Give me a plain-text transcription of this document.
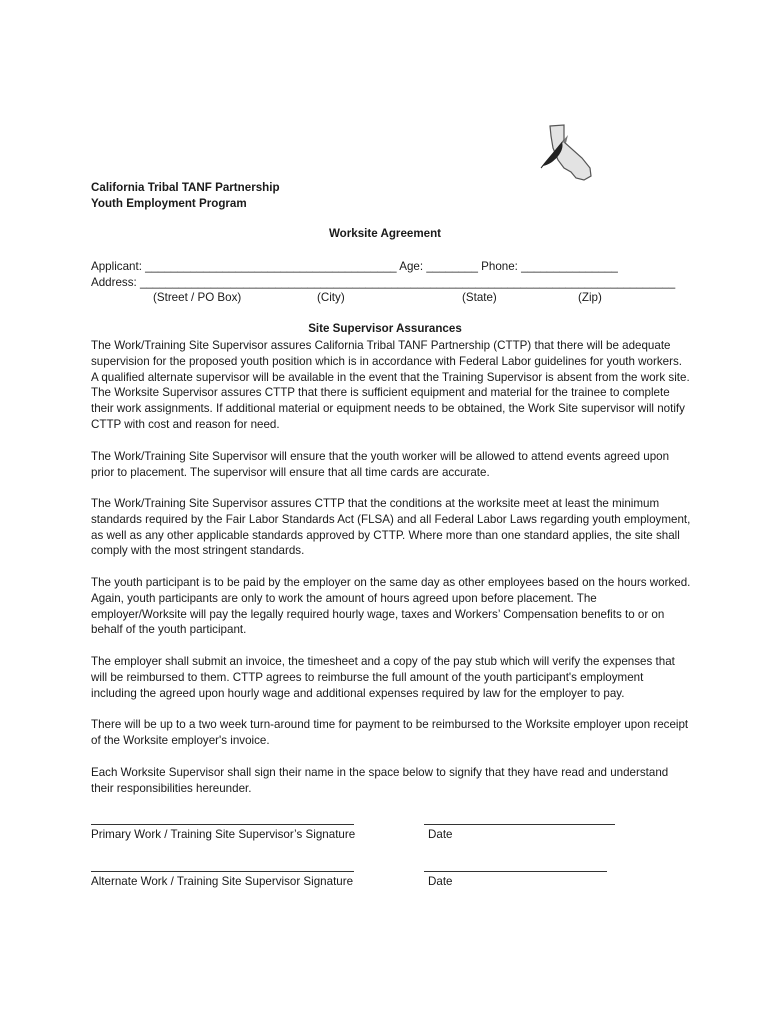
California Tribal TANF Partnership
Youth Employment Program
Worksite Agreement
Applicant: _______________________________________ Age: ________ Phone: _______________
Address: ___________________________________________________________________________________
(Street / PO Box)	(City)	(State)	(Zip)
Site Supervisor Assurances

The Work/Training Site Supervisor assures California Tribal TANF Partnership (CTTP) that there will be adequate supervision for the proposed youth position which is in accordance with Federal Labor guidelines for youth workers. A qualified alternate supervisor will be available in the event that the Training Supervisor is absent from the work site. The Worksite Supervisor assures CTTP that there is sufficient equipment and material for the trainee to complete their work assignments. If additional material or equipment needs to be obtained, the Work Site supervisor will notify CTTP with cost and reason for need.

The Work/Training Site Supervisor will ensure that the youth worker will be allowed to attend events agreed upon prior to placement. The supervisor will ensure that all time cards are accurate.

The Work/Training Site Supervisor assures CTTP that the conditions at the worksite meet at least the minimum standards required by the Fair Labor Standards Act (FLSA) and all Federal Labor Laws regarding youth employment, as well as any other applicable standards approved by CTTP. Where more than one standard applies, the site shall comply with the most stringent standards.

The youth participant is to be paid by the employer on the same day as other employees based on the hours worked. Again, youth participants are only to work the amount of hours agreed upon before placement. The employer/Worksite will pay the legally required hourly wage, taxes and Workers’ Compensation benefits to or on behalf of the youth participant.

The employer shall submit an invoice, the timesheet and a copy of the pay stub which will verify the expenses that will be reimbursed to them. CTTP agrees to reimburse the full amount of the youth participant's employment including the agreed upon hourly wage and additional expenses required by law for the employer to pay.

There will be up to a two week turn-around time for payment to be reimbursed to the Worksite employer upon receipt of the Worksite employer's invoice.

Each Worksite Supervisor shall sign their name in the space below to signify that they have read and understand their responsibilities hereunder.

Primary Work / Training Site Supervisor’s Signature	Date
Alternate Work / Training Site Supervisor Signature	Date
